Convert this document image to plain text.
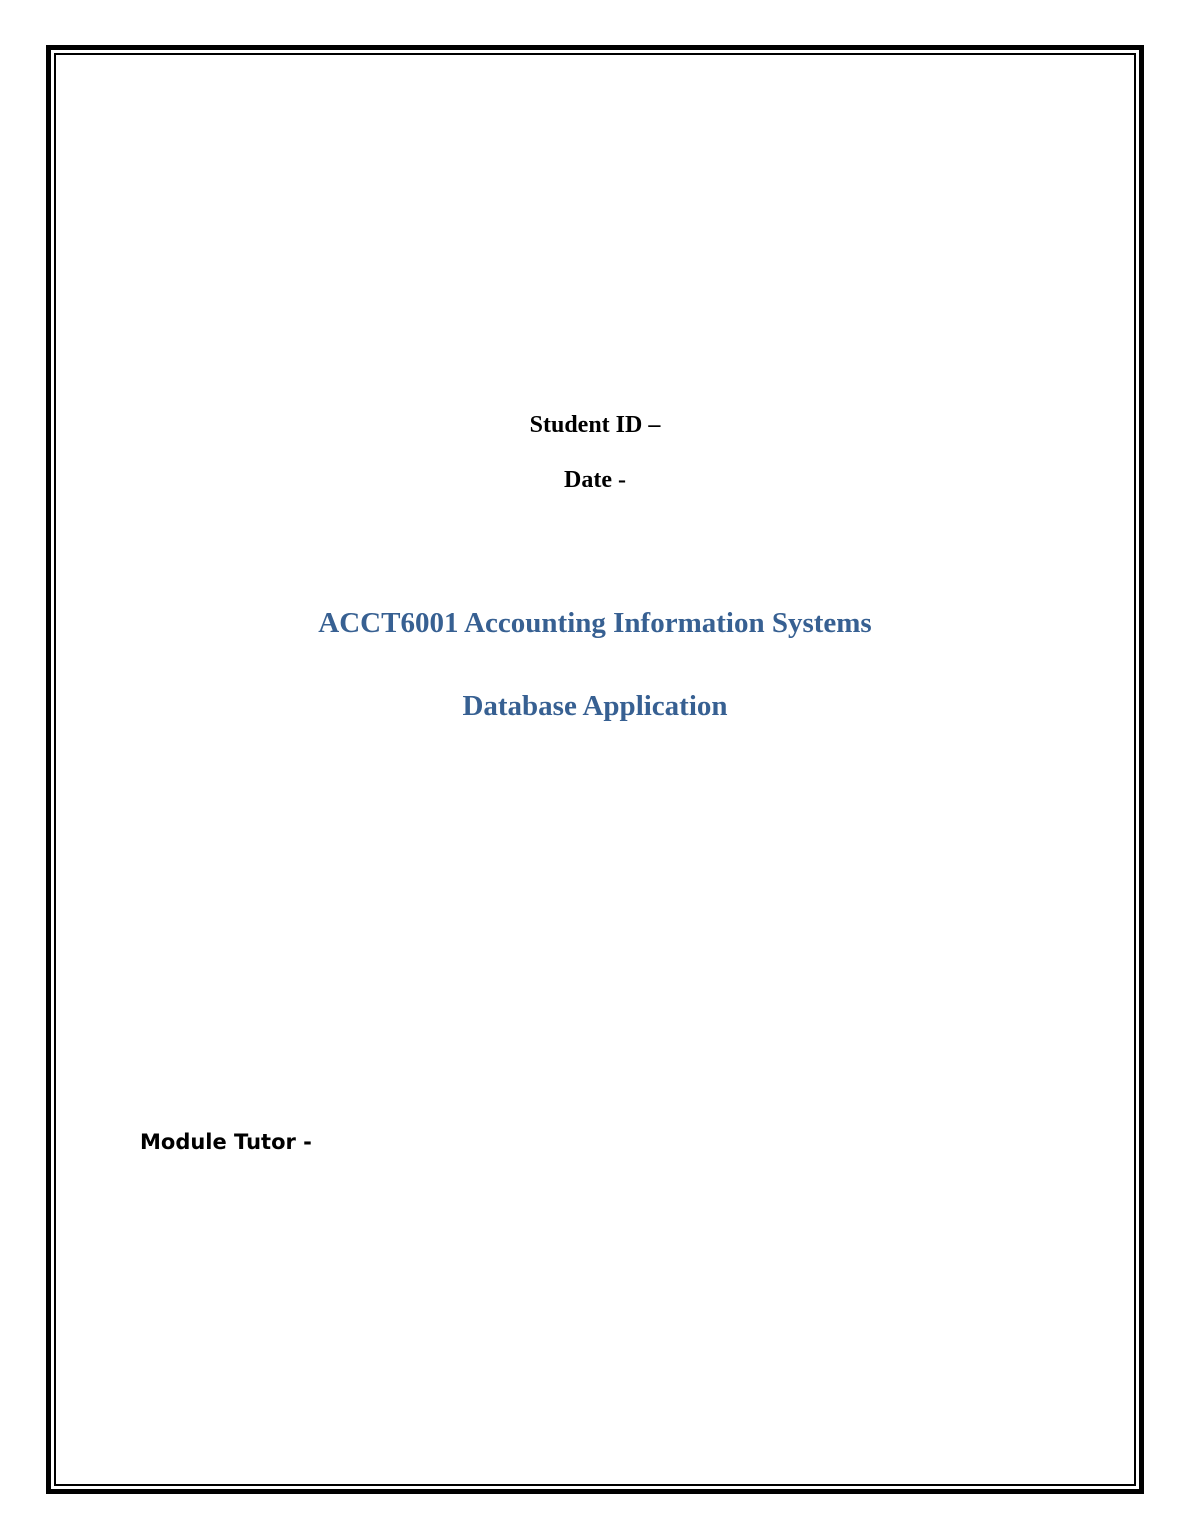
Student ID –
Date -
ACCT6001 Accounting Information Systems
Database Application
Module Tutor -
